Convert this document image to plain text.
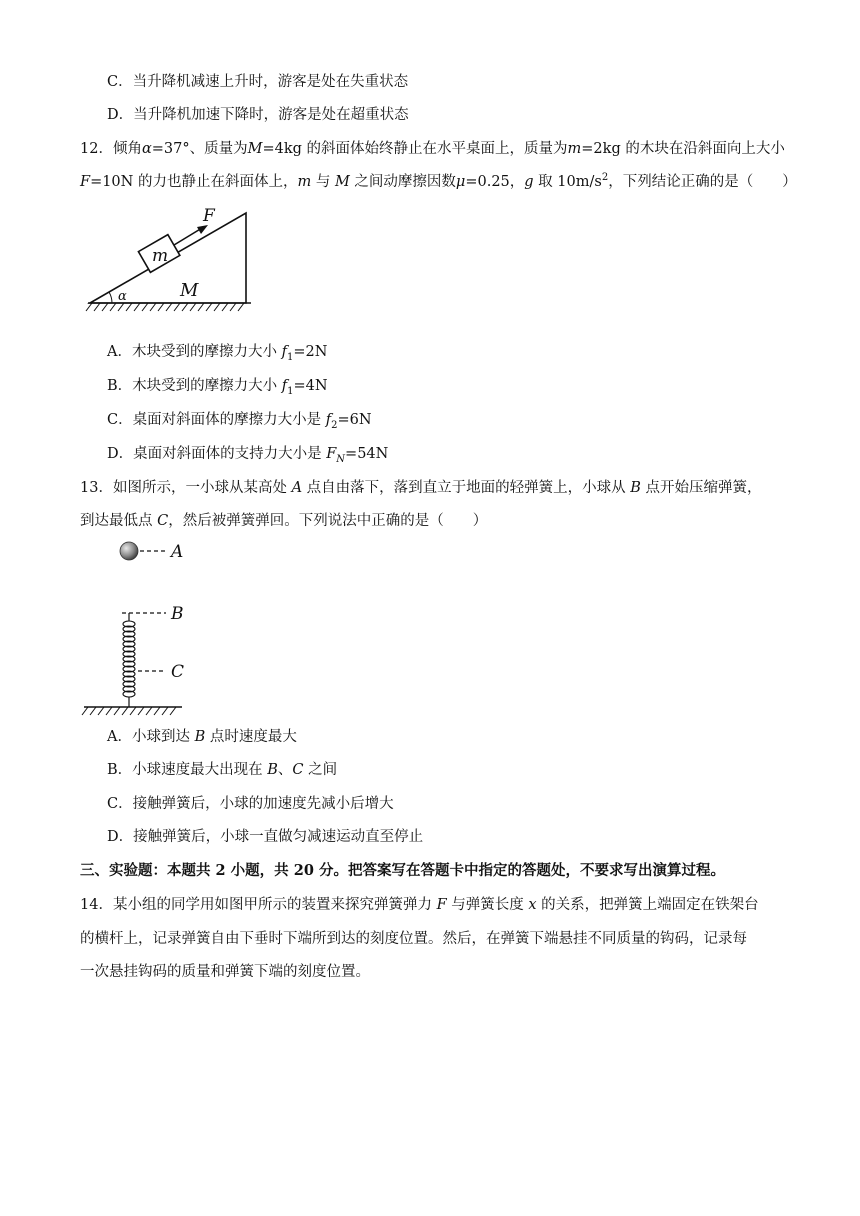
C．当升降机减速上升时，游客是处在失重状态
D．当升降机加速下降时，游客是处在超重状态
12．倾角α=37°、质量为M=4kg 的斜面体始终静止在水平桌面上，质量为m=2kg 的木块在沿斜面向上大小
F=10N 的力也静止在斜面体上，m 与 M 之间动摩擦因数μ=0.25，g 取 $10m/s^2$，下列结论正确的是（　　）
F
m
M
α
A．木块受到的摩擦力大小 $f_1=2N$
B．木块受到的摩擦力大小 $f_1=4N$
C．桌面对斜面体的摩擦力大小是 $f_2=6N$
D．桌面对斜面体的支持力大小是 $F_N=54N$
13．如图所示，一小球从某高处 A 点自由落下，落到直立于地面的轻弹簧上，小球从 B 点开始压缩弹簧，
到达最低点 C，然后被弹簧弹回。下列说法中正确的是（　　）
A
B
C
A．小球到达 B 点时速度最大
B．小球速度最大出现在 B、C 之间
C．接触弹簧后，小球的加速度先减小后增大
D．接触弹簧后，小球一直做匀减速运动直至停止
三、实验题：本题共 2 小题，共 20 分。把答案写在答题卡中指定的答题处，不要求写出演算过程。
14．某小组的同学用如图甲所示的装置来探究弹簧弹力 F 与弹簧长度 x 的关系，把弹簧上端固定在铁架台
的横杆上，记录弹簧自由下垂时下端所到达的刻度位置。然后，在弹簧下端悬挂不同质量的钩码，记录每
一次悬挂钩码的质量和弹簧下端的刻度位置。
